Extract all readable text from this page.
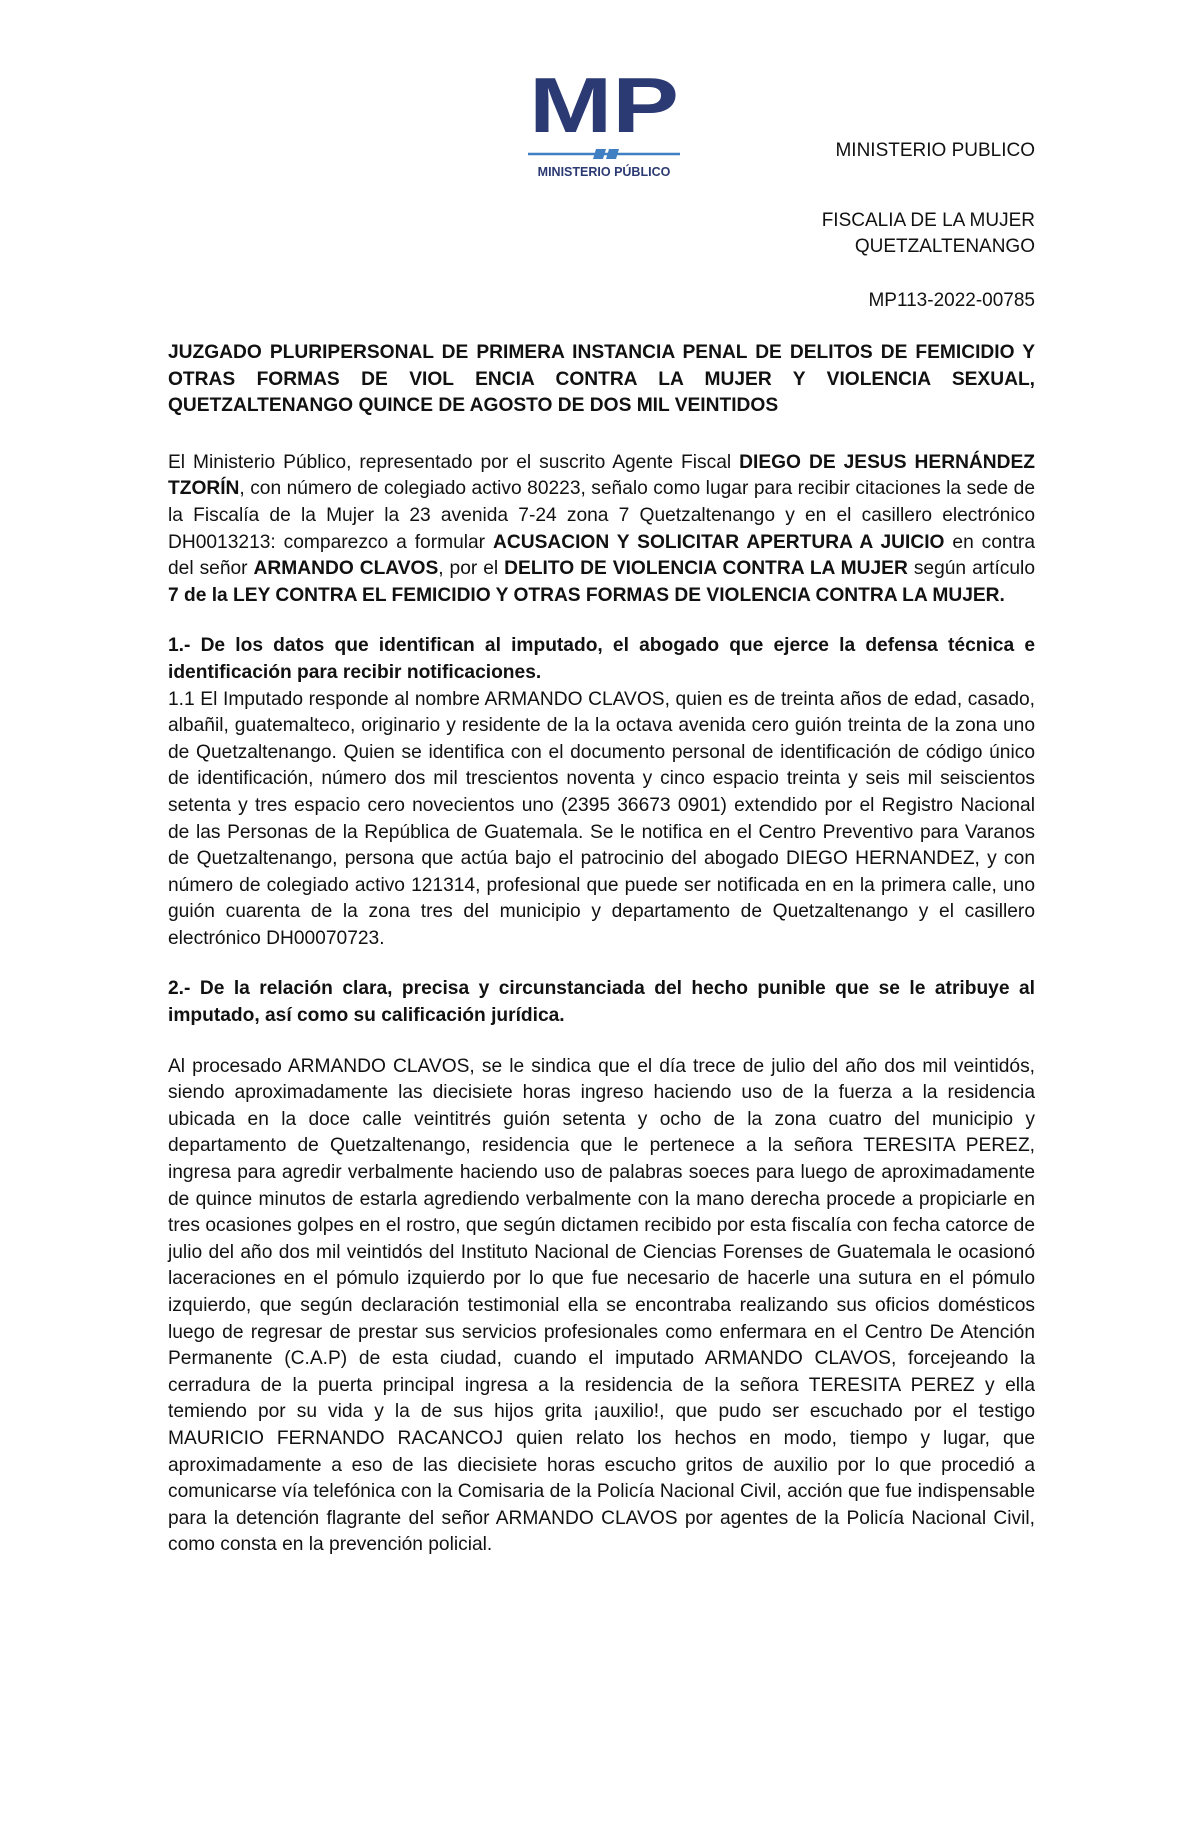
MP
MINISTERIO PÚBLICO
MINISTERIO PUBLICO
FISCALIA DE LA MUJER
QUETZALTENANGO
MP113-2022-00785

JUZGADO PLURIPERSONAL DE PRIMERA INSTANCIA PENAL DE DELITOS DE FEMICIDIO Y OTRAS FORMAS DE VIOL ENCIA CONTRA LA MUJER Y VIOLENCIA SEXUAL, QUETZALTENANGO QUINCE DE AGOSTO DE DOS MIL VEINTIDOS

El Ministerio Público, representado por el suscrito Agente Fiscal DIEGO DE JESUS HERNÁNDEZ TZORÍN, con número de colegiado activo 80223, señalo como lugar para recibir citaciones la sede de la Fiscalía de la Mujer la 23 avenida 7-24 zona 7 Quetzaltenango y en el casillero electrónico DH0013213: comparezco a formular ACUSACION Y SOLICITAR APERTURA A JUICIO en contra del señor ARMANDO CLAVOS, por el DELITO DE VIOLENCIA CONTRA LA MUJER según artículo 7 de la LEY CONTRA EL FEMICIDIO Y OTRAS FORMAS DE VIOLENCIA CONTRA LA MUJER.

1.- De los datos que identifican al imputado, el abogado que ejerce la defensa técnica e identificación para recibir notificaciones.

1.1 El Imputado responde al nombre ARMANDO CLAVOS, quien es de treinta años de edad, casado, albañil, guatemalteco, originario y residente de la la octava avenida cero guión treinta de la zona uno de Quetzaltenango. Quien se identifica con el documento personal de identificación de código único de identificación, número dos mil trescientos noventa y cinco espacio treinta y seis mil seiscientos setenta y tres espacio cero novecientos uno (2395 36673 0901) extendido por el Registro Nacional de las Personas de la República de Guatemala. Se le notifica en el Centro Preventivo para Varanos de Quetzaltenango, persona que actúa bajo el patrocinio del abogado DIEGO HERNANDEZ, y con número de colegiado activo 121314, profesional que puede ser notificada en en la primera calle, uno guión cuarenta de la zona tres del municipio y departamento de Quetzaltenango y el casillero electrónico DH00070723.

2.- De la relación clara, precisa y circunstanciada del hecho punible que se le atribuye al imputado, así como su calificación jurídica.

Al procesado ARMANDO CLAVOS, se le sindica que el día trece de julio del año dos mil veintidós, siendo aproximadamente las diecisiete horas ingreso haciendo uso de la fuerza a la residencia ubicada en la doce calle veintitrés guión setenta y ocho de la zona cuatro del municipio y departamento de Quetzaltenango, residencia que le pertenece a la señora TERESITA PEREZ, ingresa para agredir verbalmente haciendo uso de palabras soeces para luego de aproximadamente de quince minutos de estarla agrediendo verbalmente con la mano derecha procede a propiciarle en tres ocasiones golpes en el rostro, que según dictamen recibido por esta fiscalía con fecha catorce de julio del año dos mil veintidós del Instituto Nacional de Ciencias Forenses de Guatemala le ocasionó laceraciones en el pómulo izquierdo por lo que fue necesario de hacerle una sutura en el pómulo izquierdo, que según declaración testimonial ella se encontraba realizando sus oficios domésticos luego de regresar de prestar sus servicios profesionales como enfermara en el Centro De Atención Permanente (C.A.P) de esta ciudad, cuando el imputado ARMANDO CLAVOS, forcejeando la cerradura de la puerta principal ingresa a la residencia de la señora TERESITA PEREZ y ella temiendo por su vida y la de sus hijos grita ¡auxilio!, que pudo ser escuchado por el testigo MAURICIO FERNANDO RACANCOJ quien relato los hechos en modo, tiempo y lugar, que aproximadamente a eso de las diecisiete horas escucho gritos de auxilio por lo que procedió a comunicarse vía telefónica con la Comisaria de la Policía Nacional Civil, acción que fue indispensable para la detención flagrante del señor ARMANDO CLAVOS por agentes de la Policía Nacional Civil, como consta en la prevención policial.
